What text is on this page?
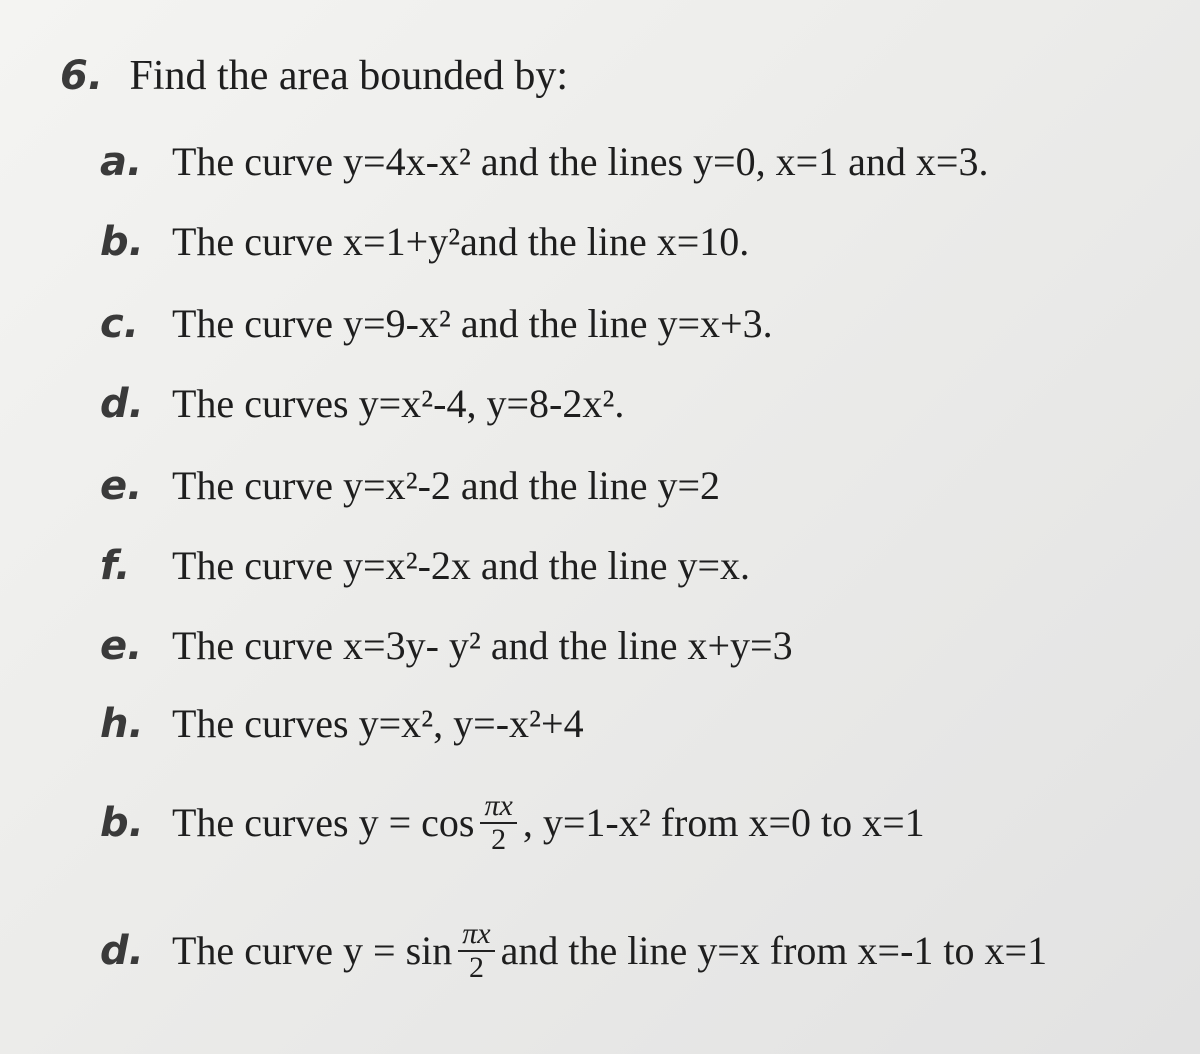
6. Find the area bounded by:
a. The curve y=4x-x² and the lines y=0, x=1 and x=3.
b. The curve x=1+y²and the line x=10.
c. The curve y=9-x² and the line y=x+3.
d. The curves y=x²-4, y=8-2x².
e. The curve y=x²-2 and the line y=2
f.	The curve y=x²-2x and the line y=x.
e. The curve x=3y- y² and the line x+y=3
h. The curves y=x², y=-x²+4
b. The curves $y = \cos \frac{\pi x}{2}$ , y=1-x² from x=0 to x=1
d. The curve $y = \sin \frac{\pi x}{2}$ and the line y=x from x=-1 to x=1
